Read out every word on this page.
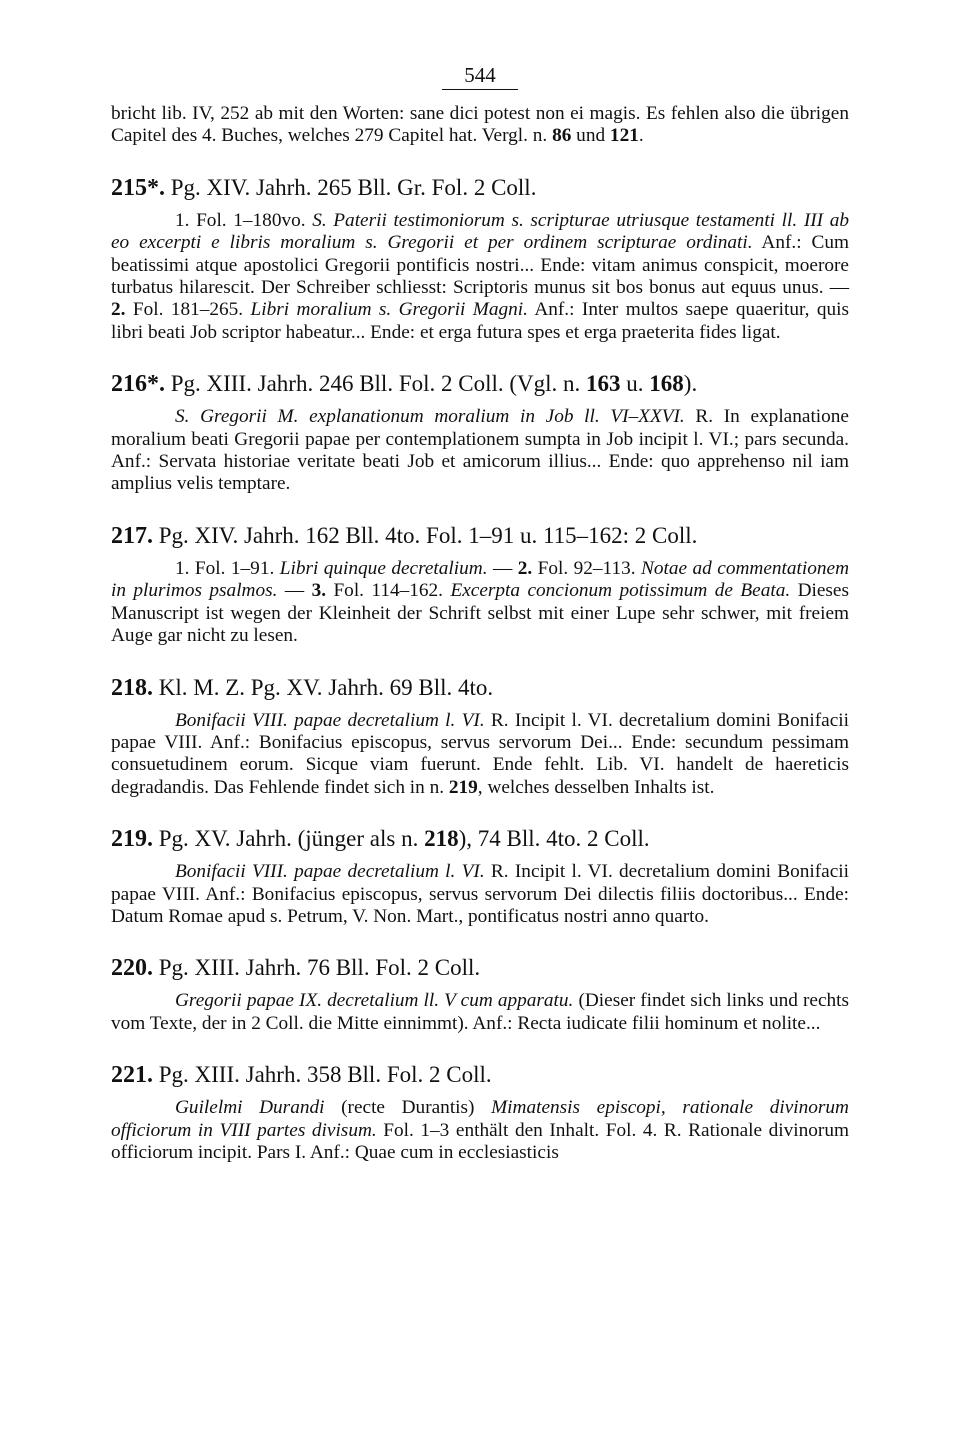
544

bricht lib. IV, 252 ab mit den Worten: sane dici potest non ei magis. Es fehlen also die übrigen Capitel des 4. Buches, welches 279 Capitel hat. Vergl. n. 86 und 121.

215*. Pg. XIV. Jahrh. 265 Bll. Gr. Fol. 2 Coll.

1. Fol. 1–180vo. S. Paterii testimoniorum s. scripturae utriusque testamenti ll. III ab eo excerpti e libris moralium s. Gregorii et per ordinem scripturae ordinati. Anf.: Cum beatissimi atque apostolici Gregorii pontificis nostri... Ende: vitam animus conspicit, moerore turbatus hilarescit. Der Schreiber schliesst: Scriptoris munus sit bos bonus aut equus unus. — 2. Fol. 181–265. Libri moralium s. Gregorii Magni. Anf.: Inter multos saepe quaeritur, quis libri beati Job scriptor habeatur... Ende: et erga futura spes et erga praeterita fides ligat.

216*. Pg. XIII. Jahrh. 246 Bll. Fol. 2 Coll. (Vgl. n. 163 u. 168).

S. Gregorii M. explanationum moralium in Job ll. VI–XXVI. R. In explanatione moralium beati Gregorii papae per contemplationem sumpta in Job incipit l. VI.; pars secunda. Anf.: Servata historiae veritate beati Job et amicorum illius... Ende: quo apprehenso nil iam amplius velis temptare.

217. Pg. XIV. Jahrh. 162 Bll. 4to. Fol. 1–91 u. 115–162: 2 Coll.

1. Fol. 1–91. Libri quinque decretalium. — 2. Fol. 92–113. Notae ad commentationem in plurimos psalmos. — 3. Fol. 114–162. Excerpta concionum potissimum de Beata. Dieses Manuscript ist wegen der Kleinheit der Schrift selbst mit einer Lupe sehr schwer, mit freiem Auge gar nicht zu lesen.

218. Kl. M. Z. Pg. XV. Jahrh. 69 Bll. 4to.

Bonifacii VIII. papae decretalium l. VI. R. Incipit l. VI. decretalium domini Bonifacii papae VIII. Anf.: Bonifacius episcopus, servus servorum Dei... Ende: secundum pessimam consuetudinem eorum. Sicque viam fuerunt. Ende fehlt. Lib. VI. handelt de haereticis degradandis. Das Fehlende findet sich in n. 219, welches desselben Inhalts ist.

219. Pg. XV. Jahrh. (jünger als n. 218), 74 Bll. 4to. 2 Coll.

Bonifacii VIII. papae decretalium l. VI. R. Incipit l. VI. decretalium domini Bonifacii papae VIII. Anf.: Bonifacius episcopus, servus servorum Dei dilectis filiis doctoribus... Ende: Datum Romae apud s. Petrum, V. Non. Mart., pontificatus nostri anno quarto.

220. Pg. XIII. Jahrh. 76 Bll. Fol. 2 Coll.

Gregorii papae IX. decretalium ll. V cum apparatu. (Dieser findet sich links und rechts vom Texte, der in 2 Coll. die Mitte einnimmt). Anf.: Recta iudicate filii hominum et nolite...

221. Pg. XIII. Jahrh. 358 Bll. Fol. 2 Coll.

Guilelmi Durandi (recte Durantis) Mimatensis episcopi, rationale divinorum officiorum in VIII partes divisum. Fol. 1–3 enthält den Inhalt. Fol. 4. R. Rationale divinorum officiorum incipit. Pars I. Anf.: Quae cum in ecclesiasticis
